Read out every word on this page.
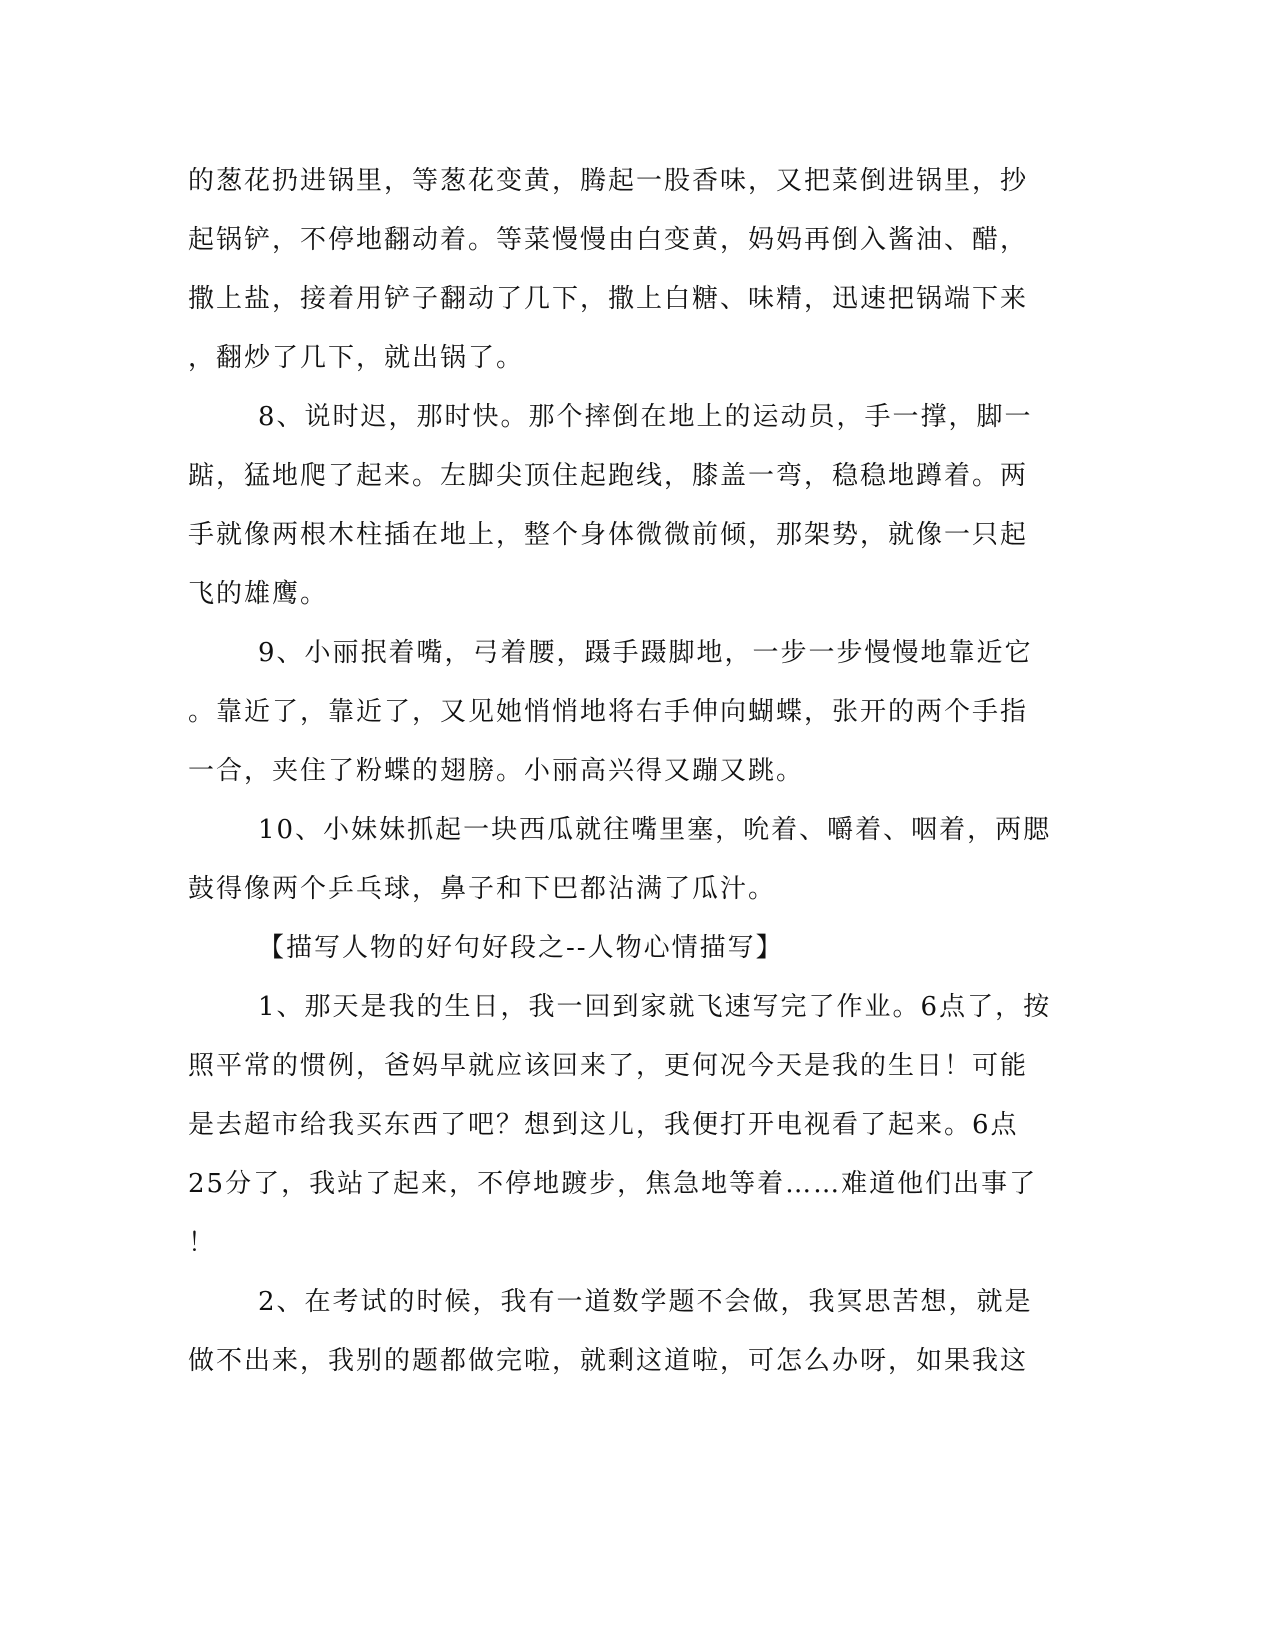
的葱花扔进锅里，等葱花变黄，腾起一股香味，又把菜倒进锅里，抄
起锅铲，不停地翻动着。等菜慢慢由白变黄，妈妈再倒入酱油、醋，
撒上盐，接着用铲子翻动了几下，撒上白糖、味精，迅速把锅端下来
，翻炒了几下，就出锅了。
8、说时迟，那时快。那个摔倒在地上的运动员，手一撑，脚一
踮，猛地爬了起来。左脚尖顶住起跑线，膝盖一弯，稳稳地蹲着。两
手就像两根木柱插在地上，整个身体微微前倾，那架势，就像一只起
飞的雄鹰。
9、小丽抿着嘴，弓着腰，蹑手蹑脚地，一步一步慢慢地靠近它
。靠近了，靠近了，又见她悄悄地将右手伸向蝴蝶，张开的两个手指
一合，夹住了粉蝶的翅膀。小丽高兴得又蹦又跳。
10、小妹妹抓起一块西瓜就往嘴里塞，吮着、嚼着、咽着，两腮
鼓得像两个乒乓球，鼻子和下巴都沾满了瓜汁。
【描写人物的好句好段之--人物心情描写】
1、那天是我的生日，我一回到家就飞速写完了作业。6点了，按
照平常的惯例，爸妈早就应该回来了，更何况今天是我的生日！可能
是去超市给我买东西了吧？想到这儿，我便打开电视看了起来。6点
25分了，我站了起来，不停地踱步，焦急地等着……难道他们出事了
！
2、在考试的时候，我有一道数学题不会做，我冥思苦想，就是
做不出来，我别的题都做完啦，就剩这道啦，可怎么办呀，如果我这
